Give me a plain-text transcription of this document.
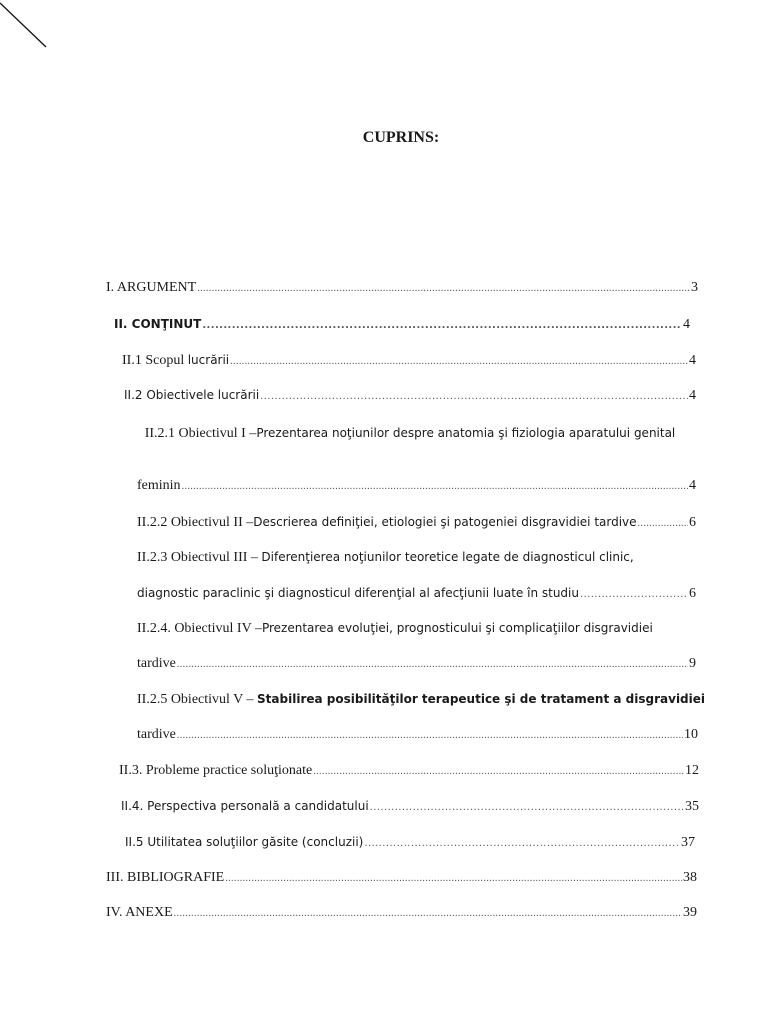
CUPRINS:
I. ARGUMENT .....	3
II. CONŢINUT .....	4
II.1 Scopul lucrării .....	4
II.2 Obiectivele lucrării .....	4
II.2.1 Obiectivul I –Prezentarea noţiunilor despre anatomia şi fiziologia aparatului genital
feminin .....	4
II.2.2 Obiectivul II –Descrierea definiţiei, etiologiei şi patogeniei disgravidiei tardive .....	6
II.2.3 Obiectivul III – Diferenţierea noţiunilor teoretice legate de diagnosticul clinic,
diagnostic paraclinic şi diagnosticul diferenţial al afecţiunii luate în studiu .....	6
II.2.4. Obiectivul IV –Prezentarea evoluţiei, prognosticului şi complicaţiilor disgravidiei
tardive .....	9
II.2.5 Obiectivul V – Stabilirea posibilităţilor terapeutice şi de tratament a disgravidiei
tardive .....	10
II.3. Probleme practice soluţionate .....	12
II.4. Perspectiva personală a candidatului .....	35
II.5 Utilitatea soluţiilor găsite (concluzii) .....	37
III. BIBLIOGRAFIE .....	38
IV. ANEXE .....	39
